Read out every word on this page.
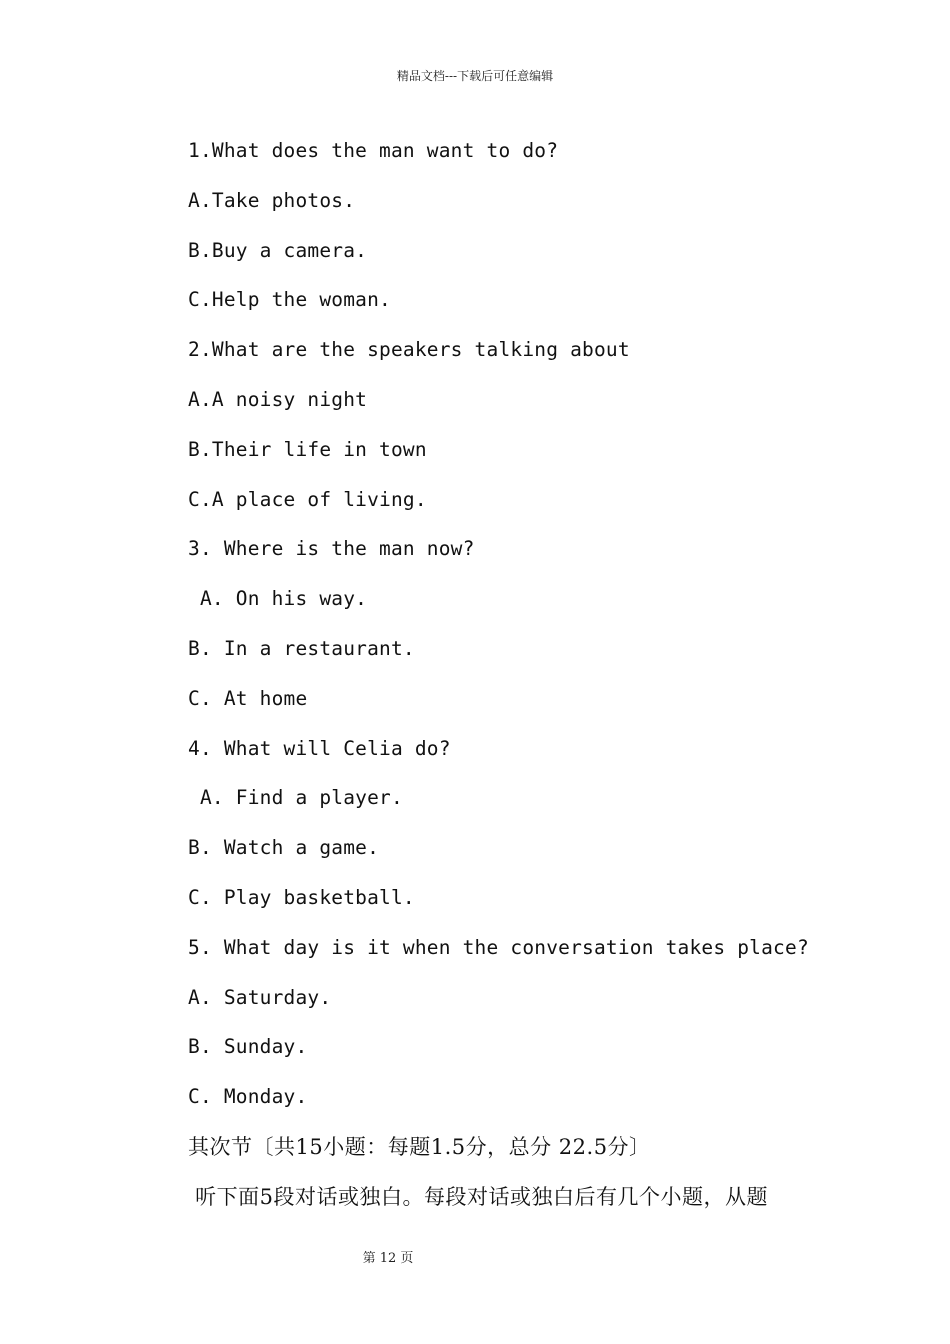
精品文档---下载后可任意编辑
1.What does the man want to do?
A.Take photos.
B.Buy a camera.
C.Help the woman.
2.What are the speakers talking about
A.A noisy night
B.Their life in town
C.A place of living.
3. Where is the man now?
A. On his way.
B. In a restaurant.
C. At home
4. What will Celia do?
A. Find a player.
B. Watch a game.
C. Play basketball.
5. What day is it when the conversation takes place?
A. Saturday.
B. Sunday.
C. Monday.
其次节〔共15小题：每题1.5分，总分 22.5分〕
听下面5段对话或独白。每段对话或独白后有几个小题，从题
第 12 页
